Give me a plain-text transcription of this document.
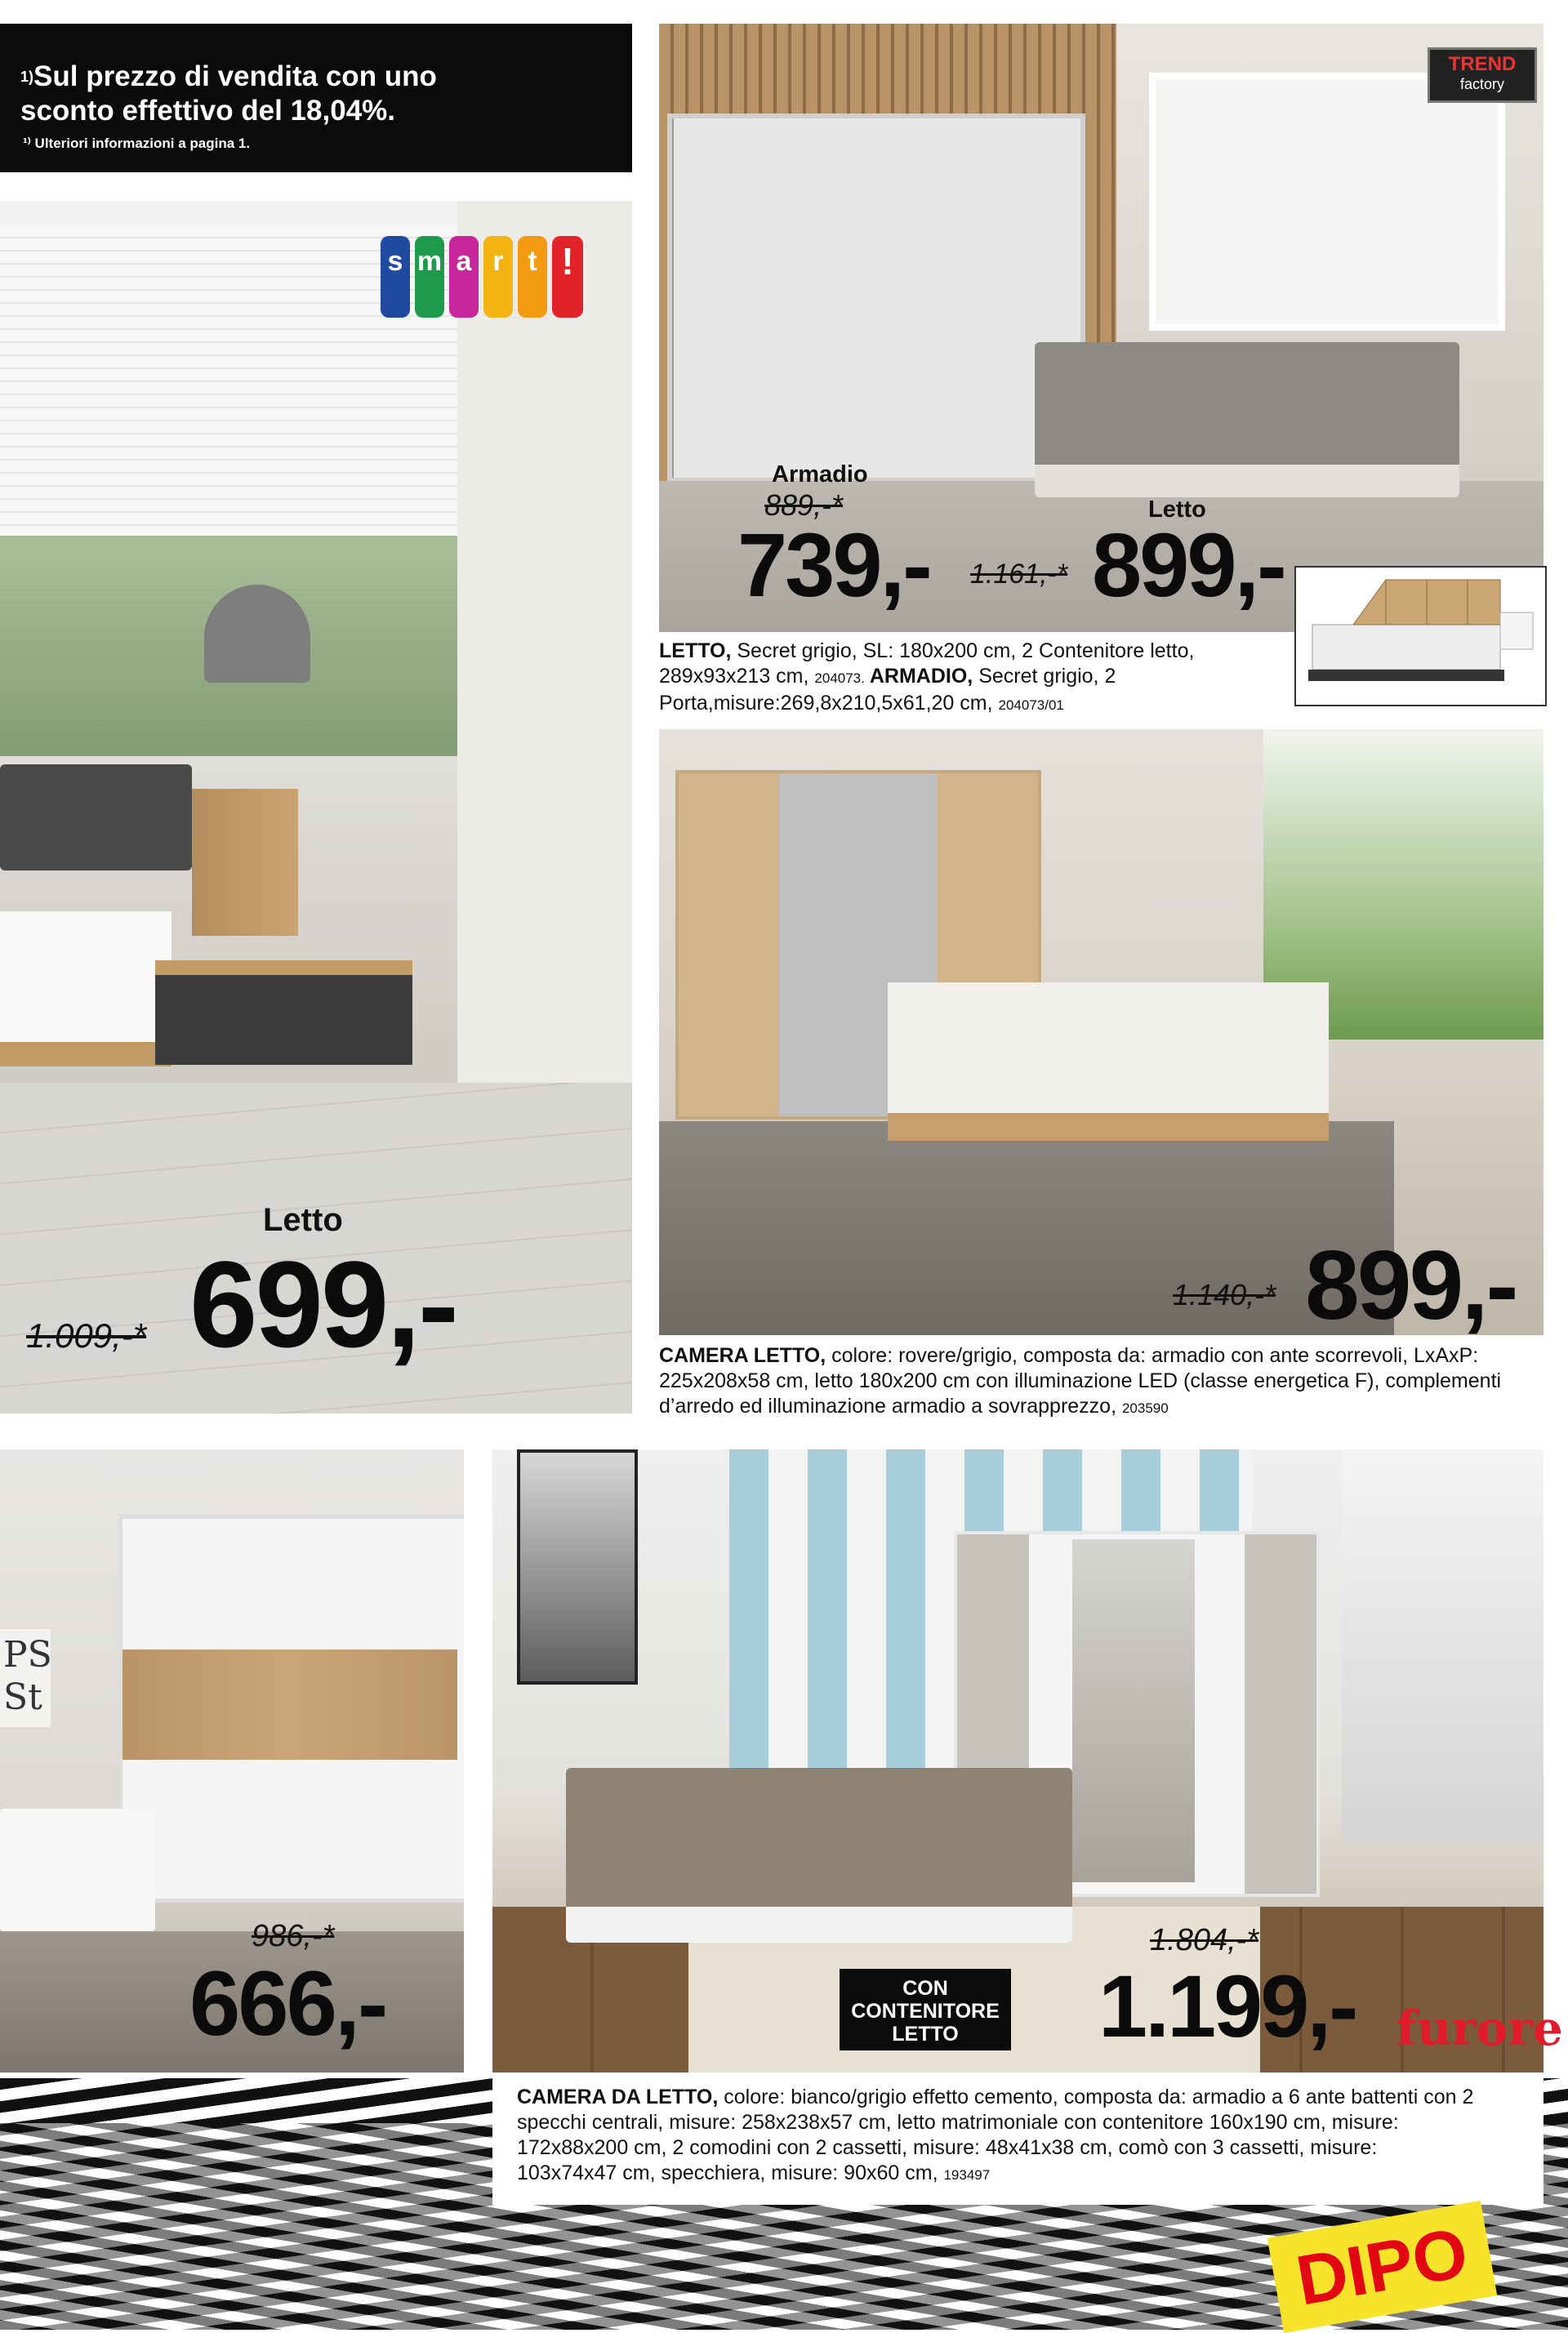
$^{1)}$Sul prezzo di vendita con uno
sconto effettivo del 18,04%.
¹⁾ Ulteriori informazioni a pagina 1.
s m a r t !
Letto
1.009,-* 699,-
TREND
factory
Armadio
889,-*
739,-
Letto
1.161,-* 899,-
LETTO, Secret grigio, SL: 180x200 cm, 2 Contenitore letto, 289x93x213 cm, 204073. ARMADIO, Secret grigio, 2 Porta,misure:269,8x210,5x61,20 cm, 204073/01
1.140,-* 899,-
CAMERA LETTO, colore: rovere/grigio, composta da: armadio con ante scorrevoli, LxAxP: 225x208x58 cm, letto 180x200 cm con illuminazione LED (classe energetica F), complementi d’arredo ed illuminazione armadio a sovrapprezzo, 203590
PS St
986,-*
666,-	CON
CONTENITORE
LETTO
1.804,-*
1.199,- furore
CAMERA DA LETTO, colore: bianco/grigio effetto cemento, composta da: armadio a 6 ante battenti con 2 specchi centrali, misure: 258x238x57 cm, letto matrimoniale con contenitore 160x190 cm, misure: 172x88x200 cm, 2 comodini con 2 cassetti, misure: 48x41x38 cm, comò con 3 cassetti, misure: 103x74x47 cm, specchiera, misure: 90x60 cm, 193497
DIPO
